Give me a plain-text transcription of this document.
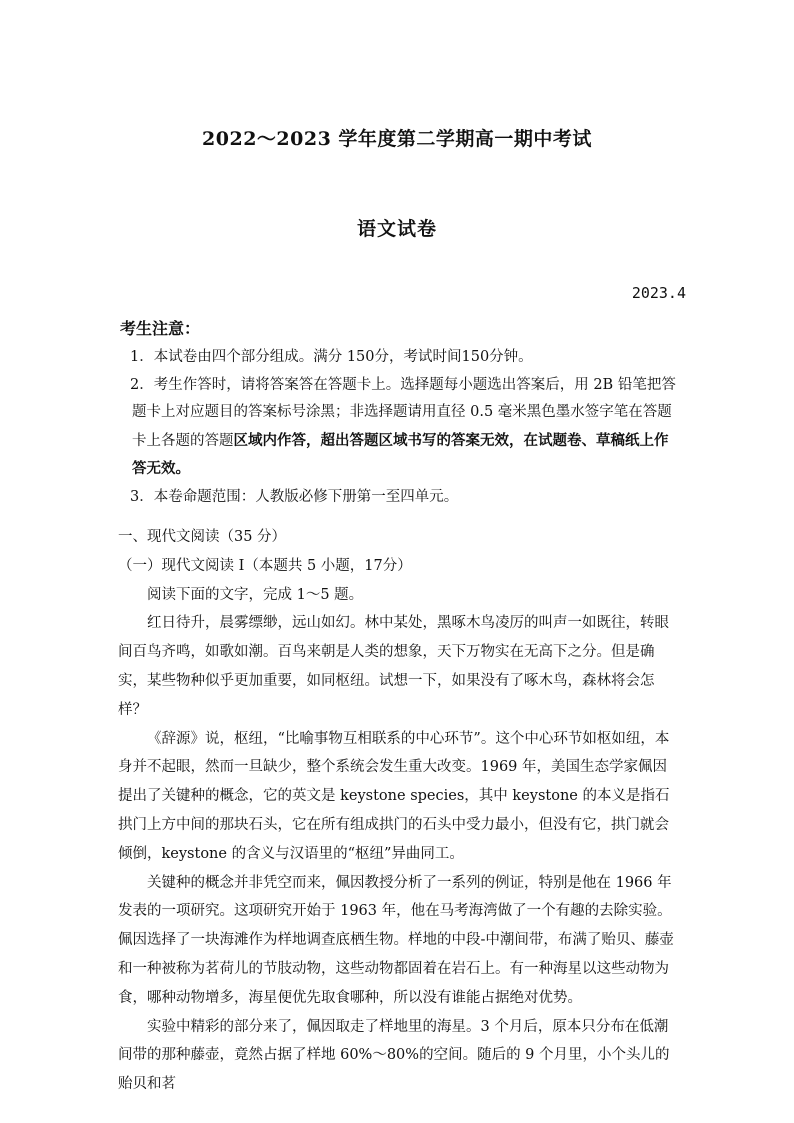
2022～2023 学年度第二学期高一期中考试
语文试卷
2023.4
考生注意：

1．本试卷由四个部分组成。满分 150分，考试时间150分钟。

2．考生作答时，请将答案答在答题卡上。选择题每小题选出答案后，用 2B 铅笔把答

题卡上对应题目的答案标号涂黑；非选择题请用直径 0.5 毫米黑色墨水签字笔在答题

卡上各题的答题区域内作答，超出答题区域书写的答案无效，在试题卷、草稿纸上作

答无效。

3．本卷命题范围：人教版必修下册第一至四单元。

一、现代文阅读（35 分）

（一）现代文阅读 I（本题共 5 小题，17分）

阅读下面的文字，完成 1～5 题。

红日待升，晨雾缥缈，远山如幻。林中某处，黑啄木鸟凌厉的叫声一如既往，转眼间百鸟齐鸣，如歌如潮。百鸟来朝是人类的想象，天下万物实在无高下之分。但是确实，某些物种似乎更加重要，如同枢纽。试想一下，如果没有了啄木鸟，森林将会怎样？

《辞源》说，枢纽，“比喻事物互相联系的中心环节”。这个中心环节如枢如纽，本身并不起眼，然而一旦缺少，整个系统会发生重大改变。1969 年，美国生态学家佩因提出了关键种的概念，它的英文是 keystone species，其中 keystone 的本义是指石拱门上方中间的那块石头，它在所有组成拱门的石头中受力最小，但没有它，拱门就会倾倒，keystone 的含义与汉语里的“枢纽”异曲同工。

关键种的概念并非凭空而来，佩因教授分析了一系列的例证，特别是他在 1966 年发表的一项研究。这项研究开始于 1963 年，他在马考海湾做了一个有趣的去除实验。佩因选择了一块海滩作为样地调查底栖生物。样地的中段-中潮间带，布满了贻贝、藤壶和一种被称为茗荷儿的节肢动物，这些动物都固着在岩石上。有一种海星以这些动物为食，哪种动物增多，海星便优先取食哪种，所以没有谁能占据绝对优势。

实验中精彩的部分来了，佩因取走了样地里的海星。3 个月后，原本只分布在低潮间带的那种藤壶，竟然占据了样地 60%～80%的空间。随后的 9 个月里，小个头儿的贻贝和茗
